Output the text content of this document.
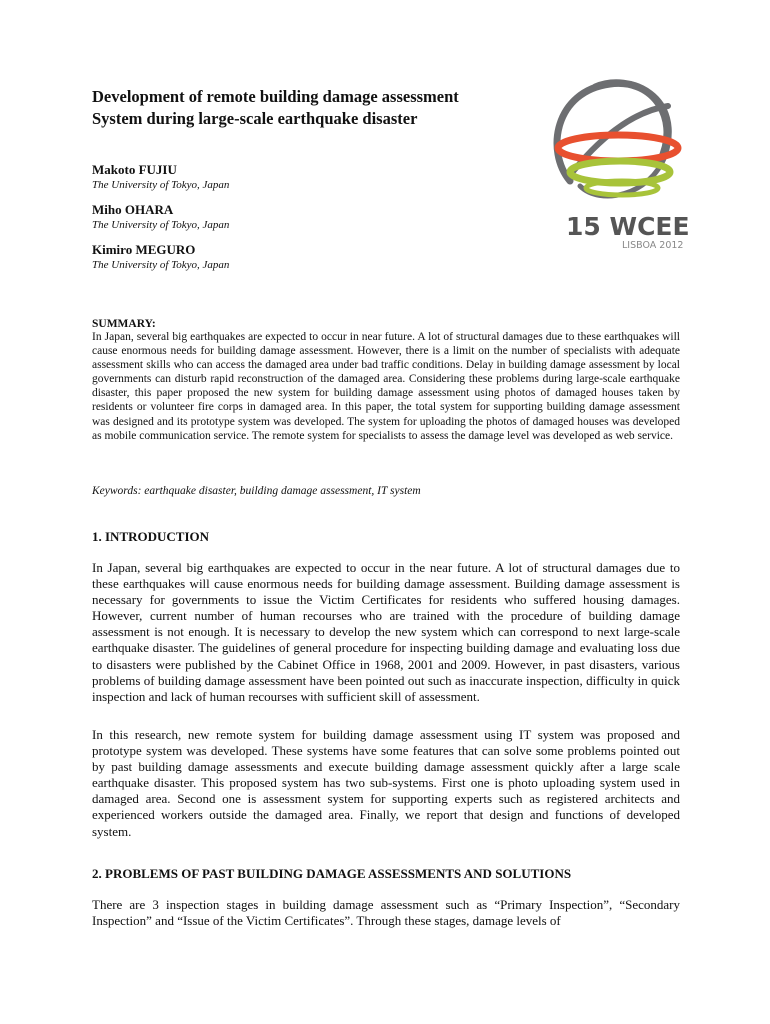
Development of remote building damage assessment
System during large-scale earthquake disaster

Makoto FUJIU

The University of Tokyo, Japan

Miho OHARA

The University of Tokyo, Japan

Kimiro MEGURO

The University of Tokyo, Japan

15 WCEE
LISBOA 2012

SUMMARY:

In Japan, several big earthquakes are expected to occur in near future. A lot of structural damages due to these earthquakes will cause enormous needs for building damage assessment. However, there is a limit on the number of specialists with adequate assessment skills who can access the damaged area under bad traffic conditions. Delay in building damage assessment by local governments can disturb rapid reconstruction of the damaged area. Considering these problems during large-scale earthquake disaster, this paper proposed the new system for building damage assessment using photos of damaged houses taken by residents or volunteer fire corps in damaged area. In this paper, the total system for supporting building damage assessment was designed and its prototype system was developed. The system for uploading the photos of damaged houses was developed as mobile communication service. The remote system for specialists to assess the damage level was developed as web service.

Keywords: earthquake disaster, building damage assessment, IT system

1. INTRODUCTION

In Japan, several big earthquakes are expected to occur in the near future. A lot of structural damages due to these earthquakes will cause enormous needs for building damage assessment. Building damage assessment is necessary for governments to issue the Victim Certificates for residents who suffered housing damages. However, current number of human recourses who are trained with the procedure of building damage assessment is not enough. It is necessary to develop the new system which can correspond to next large-scale earthquake disaster. The guidelines of general procedure for inspecting building damage and evaluating loss due to disasters were published by the Cabinet Office in 1968, 2001 and 2009. However, in past disasters, various problems of building damage assessment have been pointed out such as inaccurate inspection, difficulty in quick inspection and lack of human recourses with sufficient skill of assessment.

In this research, new remote system for building damage assessment using IT system was proposed and prototype system was developed. These systems have some features that can solve some problems pointed out by past building damage assessments and execute building damage assessment quickly after a large scale earthquake disaster. This proposed system has two sub-systems. First one is photo uploading system used in damaged area. Second one is assessment system for supporting experts such as registered architects and experienced workers outside the damaged area. Finally, we report that design and functions of developed system.

2. PROBLEMS OF PAST BUILDING DAMAGE ASSESSMENTS AND SOLUTIONS

There are 3 inspection stages in building damage assessment such as “Primary Inspection”, “Secondary Inspection” and “Issue of the Victim Certificates”. Through these stages, damage levels of
